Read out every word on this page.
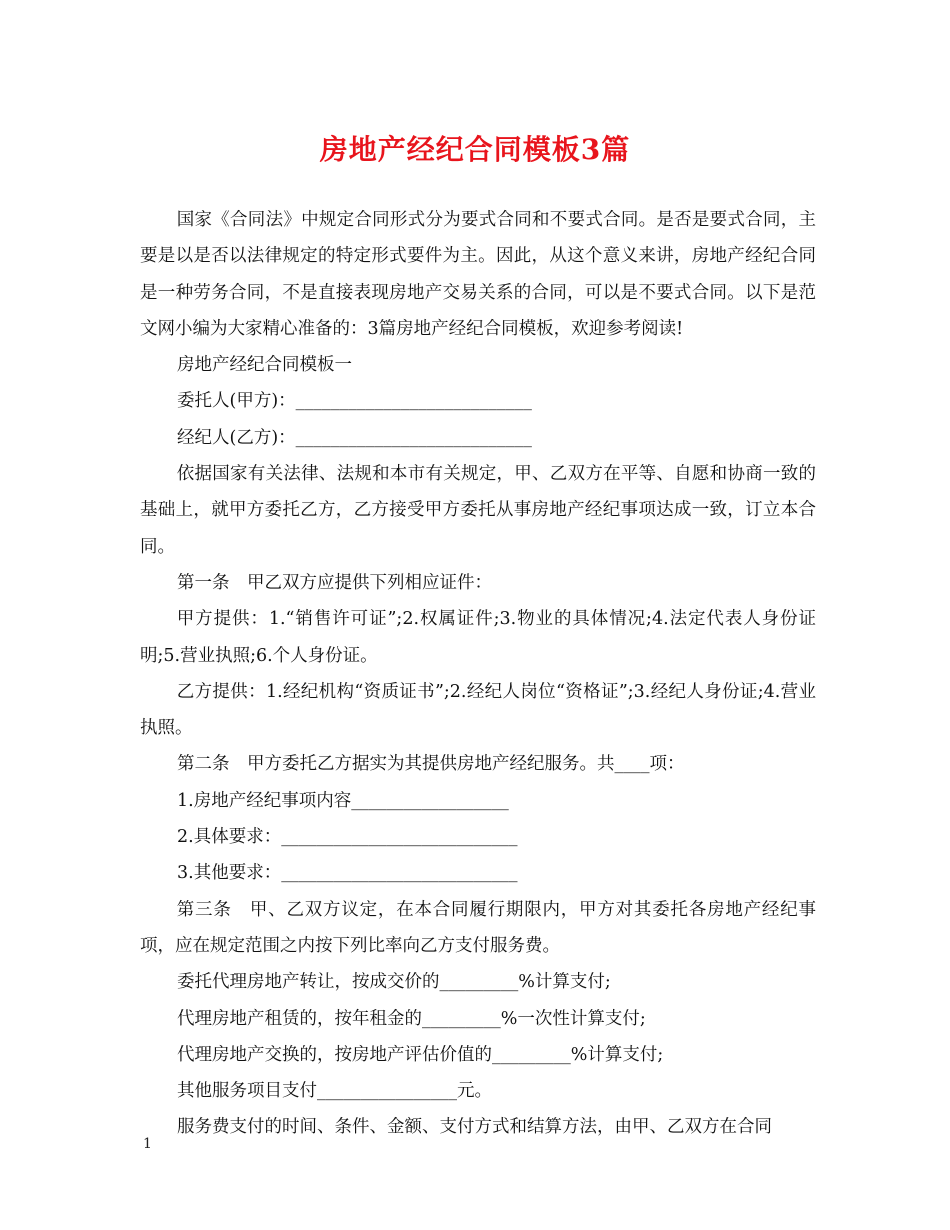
房地产经纪合同模板3篇

国家《合同法》中规定合同形式分为要式合同和不要式合同。是否是要式合同，主要是以是否以法律规定的特定形式要件为主。因此，从这个意义来讲，房地产经纪合同是一种劳务合同，不是直接表现房地产交易关系的合同，可以是不要式合同。以下是范文网小编为大家精心准备的：3篇房地产经纪合同模板，欢迎参考阅读!

房地产经纪合同模板一

委托人(甲方)：___________________________

经纪人(乙方)：___________________________

依据国家有关法律、法规和本市有关规定，甲、乙双方在平等、自愿和协商一致的基础上，就甲方委托乙方，乙方接受甲方委托从事房地产经纪事项达成一致，订立本合同。

第一条　甲乙双方应提供下列相应证件：

甲方提供：1.“销售许可证”;2.权属证件;3.物业的具体情况;4.法定代表人身份证明;5.营业执照;6.个人身份证。

乙方提供：1.经纪机构“资质证书”;2.经纪人岗位“资格证”;3.经纪人身份证;4.营业执照。

第二条　甲方委托乙方据实为其提供房地产经纪服务。共____项：

1.房地产经纪事项内容__________________

2.具体要求：___________________________

3.其他要求：___________________________

第三条　甲、乙双方议定，在本合同履行期限内，甲方对其委托各房地产经纪事项，应在规定范围之内按下列比率向乙方支付服务费。

委托代理房地产转让，按成交价的_________%计算支付;

代理房地产租赁的，按年租金的_________%一次性计算支付;

代理房地产交换的，按房地产评估价值的_________%计算支付;

其他服务项目支付________________元。

服务费支付的时间、条件、金额、支付方式和结算方法，由甲、乙双方在合同

1
